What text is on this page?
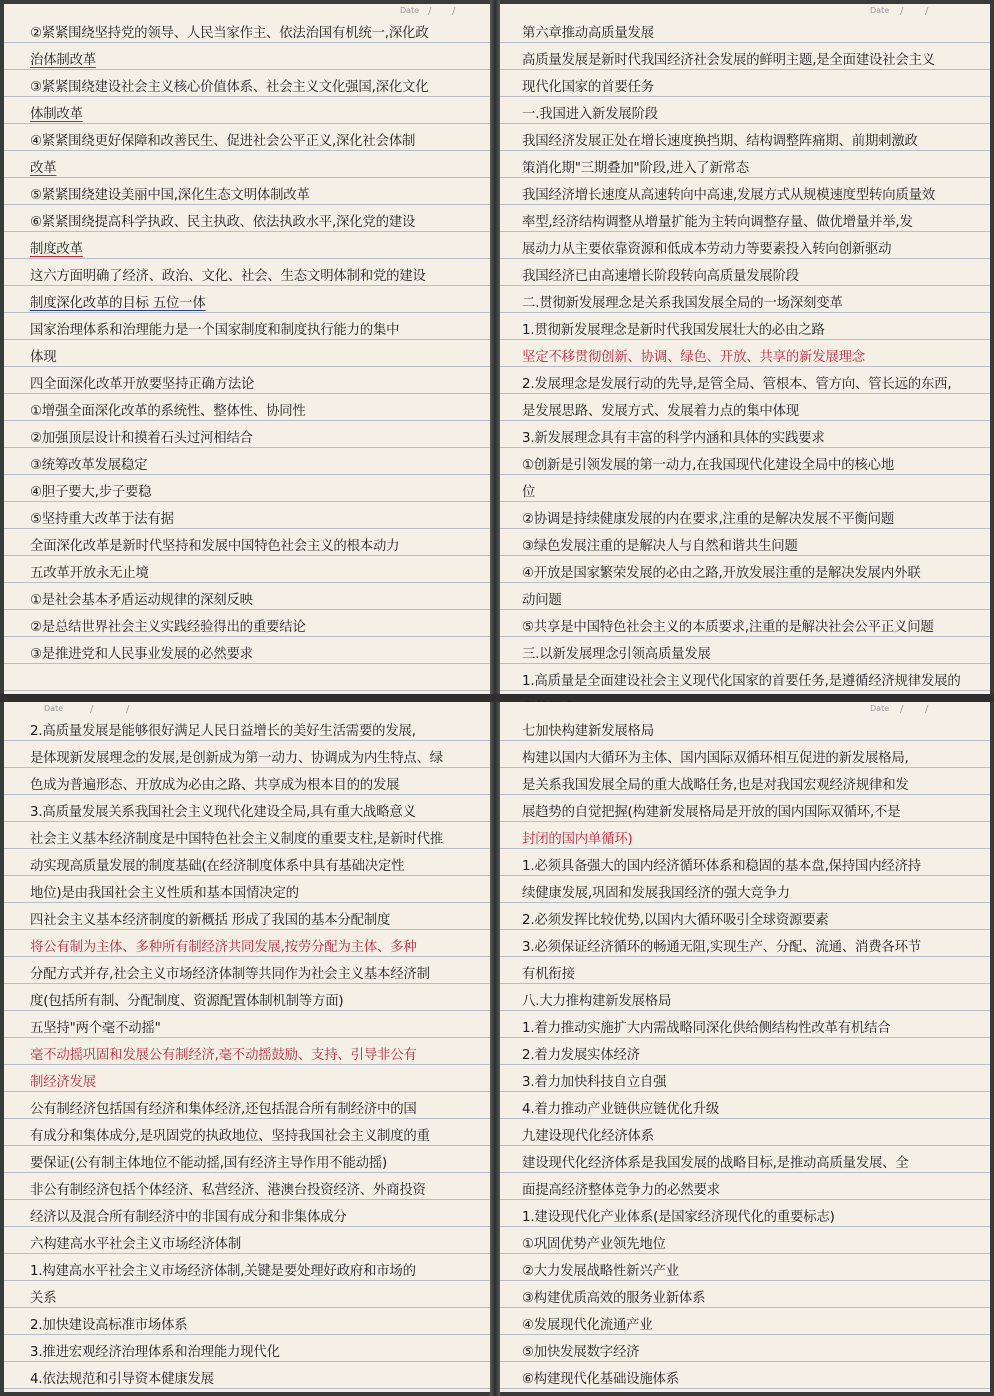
Date / /
②紧紧围绕坚持党的领导、人民当家作主、依法治国有机统一,深化政
治体制改革
③紧紧围绕建设社会主义核心价值体系、社会主义文化强国,深化文化
体制改革
④紧紧围绕更好保障和改善民生、促进社会公平正义,深化社会体制
改革
⑤紧紧围绕建设美丽中国,深化生态文明体制改革
⑥紧紧围绕提高科学执政、民主执政、依法执政水平,深化党的建设
制度改革
这六方面明确了经济、政治、文化、社会、生态文明体制和党的建设
制度深化改革的目标 五位一体
国家治理体系和治理能力是一个国家制度和制度执行能力的集中
体现
四全面深化改革开放要坚持正确方法论
①增强全面深化改革的系统性、整体性、协同性
②加强顶层设计和摸着石头过河相结合
③统筹改革发展稳定
④胆子要大,步子要稳
⑤坚持重大改革于法有据
全面深化改革是新时代坚持和发展中国特色社会主义的根本动力
五改革开放永无止境
①是社会基本矛盾运动规律的深刻反映
②是总结世界社会主义实践经验得出的重要结论
③是推进党和人民事业发展的必然要求
Date / /
第六章推动高质量发展
高质量发展是新时代我国经济社会发展的鲜明主题,是全面建设社会主义
现代化国家的首要任务
一.我国进入新发展阶段
我国经济发展正处在增长速度换挡期、结构调整阵痛期、前期刺激政
策消化期"三期叠加"阶段,进入了新常态
我国经济增长速度从高速转向中高速,发展方式从规模速度型转向质量效
率型,经济结构调整从增量扩能为主转向调整存量、做优增量并举,发
展动力从主要依靠资源和低成本劳动力等要素投入转向创新驱动
我国经济已由高速增长阶段转向高质量发展阶段
二.贯彻新发展理念是关系我国发展全局的一场深刻变革
1.贯彻新发展理念是新时代我国发展壮大的必由之路
坚定不移贯彻创新、协调、绿色、开放、共享的新发展理念
2.发展理念是发展行动的先导,是管全局、管根本、管方向、管长远的东西,
是发展思路、发展方式、发展着力点的集中体现
3.新发展理念具有丰富的科学内涵和具体的实践要求
①创新是引领发展的第一动力,在我国现代化建设全局中的核心地
位
②协调是持续健康发展的内在要求,注重的是解决发展不平衡问题
③绿色发展注重的是解决人与自然和谐共生问题
④开放是国家繁荣发展的必由之路,开放发展注重的是解决发展内外联
动问题
⑤共享是中国特色社会主义的本质要求,注重的是解决社会公平正义问题
三.以新发展理念引领高质量发展
1.高质量是全面建设社会主义现代化国家的首要任务,是遵循经济规律发展的
Date	/	/
2.高质量发展是能够很好满足人民日益增长的美好生活需要的发展,
是体现新发展理念的发展,是创新成为第一动力、协调成为内生特点、绿
色成为普遍形态、开放成为必由之路、共享成为根本目的的发展
3.高质量发展关系我国社会主义现代化建设全局,具有重大战略意义
社会主义基本经济制度是中国特色社会主义制度的重要支柱,是新时代推
动实现高质量发展的制度基础(在经济制度体系中具有基础决定性
地位)是由我国社会主义性质和基本国情决定的
四社会主义基本经济制度的新概括 形成了我国的基本分配制度
将公有制为主体、多种所有制经济共同发展,按劳分配为主体、多种
分配方式并存,社会主义市场经济体制等共同作为社会主义基本经济制
度(包括所有制、分配制度、资源配置体制机制等方面)
五坚持"两个毫不动摇"
毫不动摇巩固和发展公有制经济,毫不动摇鼓励、支持、引导非公有
制经济发展
公有制经济包括国有经济和集体经济,还包括混合所有制经济中的国
有成分和集体成分,是巩固党的执政地位、坚持我国社会主义制度的重
要保证(公有制主体地位不能动摇,国有经济主导作用不能动摇)
非公有制经济包括个体经济、私营经济、港澳台投资经济、外商投资
经济以及混合所有制经济中的非国有成分和非集体成分
六构建高水平社会主义市场经济体制
1.构建高水平社会主义市场经济体制,关键是要处理好政府和市场的
关系
2.加快建设高标准市场体系
3.推进宏观经济治理体系和治理能力现代化
4.依法规范和引导资本健康发展
Date / /
七加快构建新发展格局
构建以国内大循环为主体、国内国际双循环相互促进的新发展格局,
是关系我国发展全局的重大战略任务,也是对我国宏观经济规律和发
展趋势的自觉把握(构建新发展格局是开放的国内国际双循环,不是
封闭的国内单循环)
1.必须具备强大的国内经济循环体系和稳固的基本盘,保持国内经济持
续健康发展,巩固和发展我国经济的强大竞争力
2.必须发挥比较优势,以国内大循环吸引全球资源要素
3.必须保证经济循环的畅通无阻,实现生产、分配、流通、消费各环节
有机衔接
八.大力推构建新发展格局
1.着力推动实施扩大内需战略同深化供给侧结构性改革有机结合
2.着力发展实体经济
3.着力加快科技自立自强
4.着力推动产业链供应链优化升级
九建设现代化经济体系
建设现代化经济体系是我国发展的战略目标,是推动高质量发展、全
面提高经济整体竞争力的必然要求
1.建设现代化产业体系(是国家经济现代化的重要标志)
①巩固优势产业领先地位
②大力发展战略性新兴产业
③构建优质高效的服务业新体系
④发展现代化流通产业
⑤加快发展数字经济
⑥构建现代化基础设施体系
